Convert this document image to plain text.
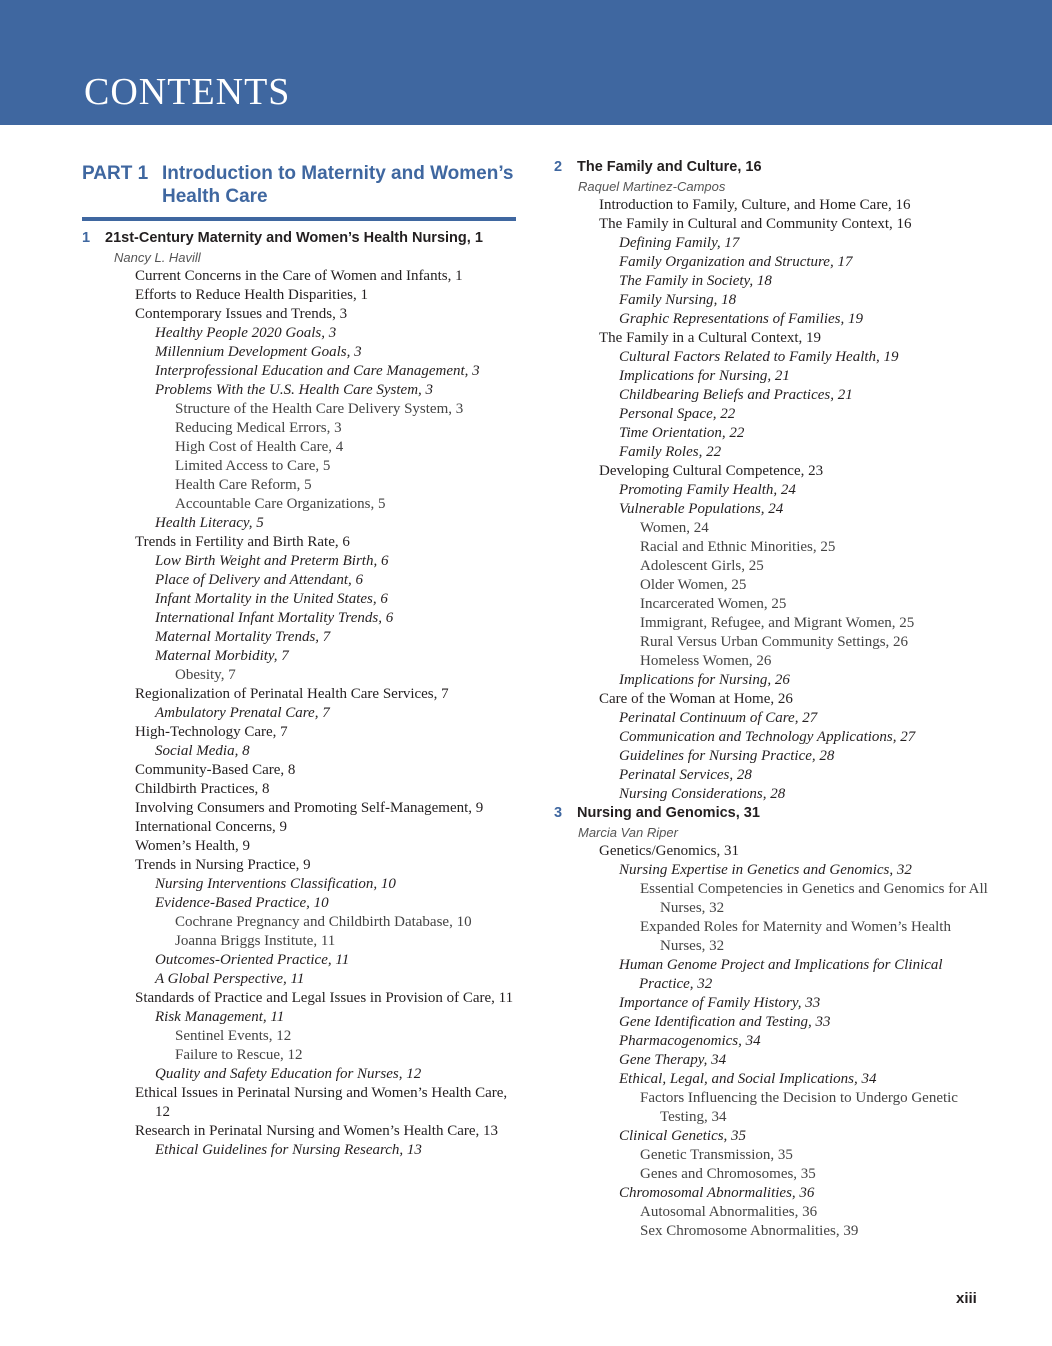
CONTENTS
PART 1 Introduction to Maternity and Women’s Health Care
1 21st-Century Maternity and Women’s Health Nursing, 1
Nancy L. Havill
Current Concerns in the Care of Women and Infants, 1
Efforts to Reduce Health Disparities, 1
Contemporary Issues and Trends, 3
Healthy People 2020 Goals, 3
Millennium Development Goals, 3
Interprofessional Education and Care Management, 3
Problems With the U.S. Health Care System, 3
Structure of the Health Care Delivery System, 3
Reducing Medical Errors, 3
High Cost of Health Care, 4
Limited Access to Care, 5
Health Care Reform, 5
Accountable Care Organizations, 5
Health Literacy, 5
Trends in Fertility and Birth Rate, 6
Low Birth Weight and Preterm Birth, 6
Place of Delivery and Attendant, 6
Infant Mortality in the United States, 6
International Infant Mortality Trends, 6
Maternal Mortality Trends, 7
Maternal Morbidity, 7
Obesity, 7
Regionalization of Perinatal Health Care Services, 7
Ambulatory Prenatal Care, 7
High-Technology Care, 7
Social Media, 8
Community-Based Care, 8
Childbirth Practices, 8
Involving Consumers and Promoting Self-Management, 9
International Concerns, 9
Women’s Health, 9
Trends in Nursing Practice, 9
Nursing Interventions Classification, 10
Evidence-Based Practice, 10
Cochrane Pregnancy and Childbirth Database, 10
Joanna Briggs Institute, 11
Outcomes-Oriented Practice, 11
A Global Perspective, 11
Standards of Practice and Legal Issues in Provision of Care, 11
Risk Management, 11
Sentinel Events, 12
Failure to Rescue, 12
Quality and Safety Education for Nurses, 12
Ethical Issues in Perinatal Nursing and Women’s Health Care, 12
Research in Perinatal Nursing and Women’s Health Care, 13
Ethical Guidelines for Nursing Research, 13
2 The Family and Culture, 16
Raquel Martinez-Campos
Introduction to Family, Culture, and Home Care, 16
The Family in Cultural and Community Context, 16
Defining Family, 17
Family Organization and Structure, 17
The Family in Society, 18
Family Nursing, 18
Graphic Representations of Families, 19
The Family in a Cultural Context, 19
Cultural Factors Related to Family Health, 19
Implications for Nursing, 21
Childbearing Beliefs and Practices, 21
Personal Space, 22
Time Orientation, 22
Family Roles, 22
Developing Cultural Competence, 23
Promoting Family Health, 24
Vulnerable Populations, 24
Women, 24
Racial and Ethnic Minorities, 25
Adolescent Girls, 25
Older Women, 25
Incarcerated Women, 25
Immigrant, Refugee, and Migrant Women, 25
Rural Versus Urban Community Settings, 26
Homeless Women, 26
Implications for Nursing, 26
Care of the Woman at Home, 26
Perinatal Continuum of Care, 27
Communication and Technology Applications, 27
Guidelines for Nursing Practice, 28
Perinatal Services, 28
Nursing Considerations, 28
3 Nursing and Genomics, 31
Marcia Van Riper
Genetics/Genomics, 31
Nursing Expertise in Genetics and Genomics, 32
Essential Competencies in Genetics and Genomics for All Nurses, 32
Expanded Roles for Maternity and Women’s Health Nurses, 32
Human Genome Project and Implications for Clinical Practice, 32
Importance of Family History, 33
Gene Identification and Testing, 33
Pharmacogenomics, 34
Gene Therapy, 34
Ethical, Legal, and Social Implications, 34
Factors Influencing the Decision to Undergo Genetic Testing, 34
Clinical Genetics, 35
Genetic Transmission, 35
Genes and Chromosomes, 35
Chromosomal Abnormalities, 36
Autosomal Abnormalities, 36
Sex Chromosome Abnormalities, 39
xiii
